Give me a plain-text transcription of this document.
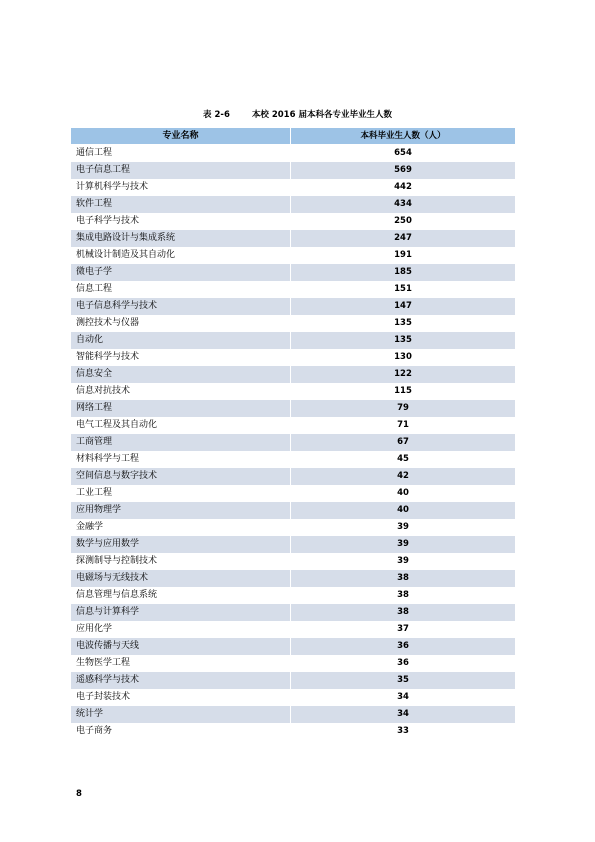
表 2-6	本校 2016 届本科各专业毕业生人数
专业名称	本科毕业生人数（人）
通信工程	654
电子信息工程	569
计算机科学与技术	442
软件工程	434
电子科学与技术	250
集成电路设计与集成系统	247
机械设计制造及其自动化	191
微电子学	185
信息工程	151
电子信息科学与技术	147
测控技术与仪器	135
自动化	135
智能科学与技术	130
信息安全	122
信息对抗技术	115
网络工程	79
电气工程及其自动化	71
工商管理	67
材料科学与工程	45
空间信息与数字技术	42
工业工程	40
应用物理学	40
金融学	39
数学与应用数学	39
探测制导与控制技术	39
电磁场与无线技术	38
信息管理与信息系统	38
信息与计算科学	38
应用化学	37
电波传播与天线	36
生物医学工程	36
遥感科学与技术	35
电子封装技术	34
统计学	34
电子商务	33
8
